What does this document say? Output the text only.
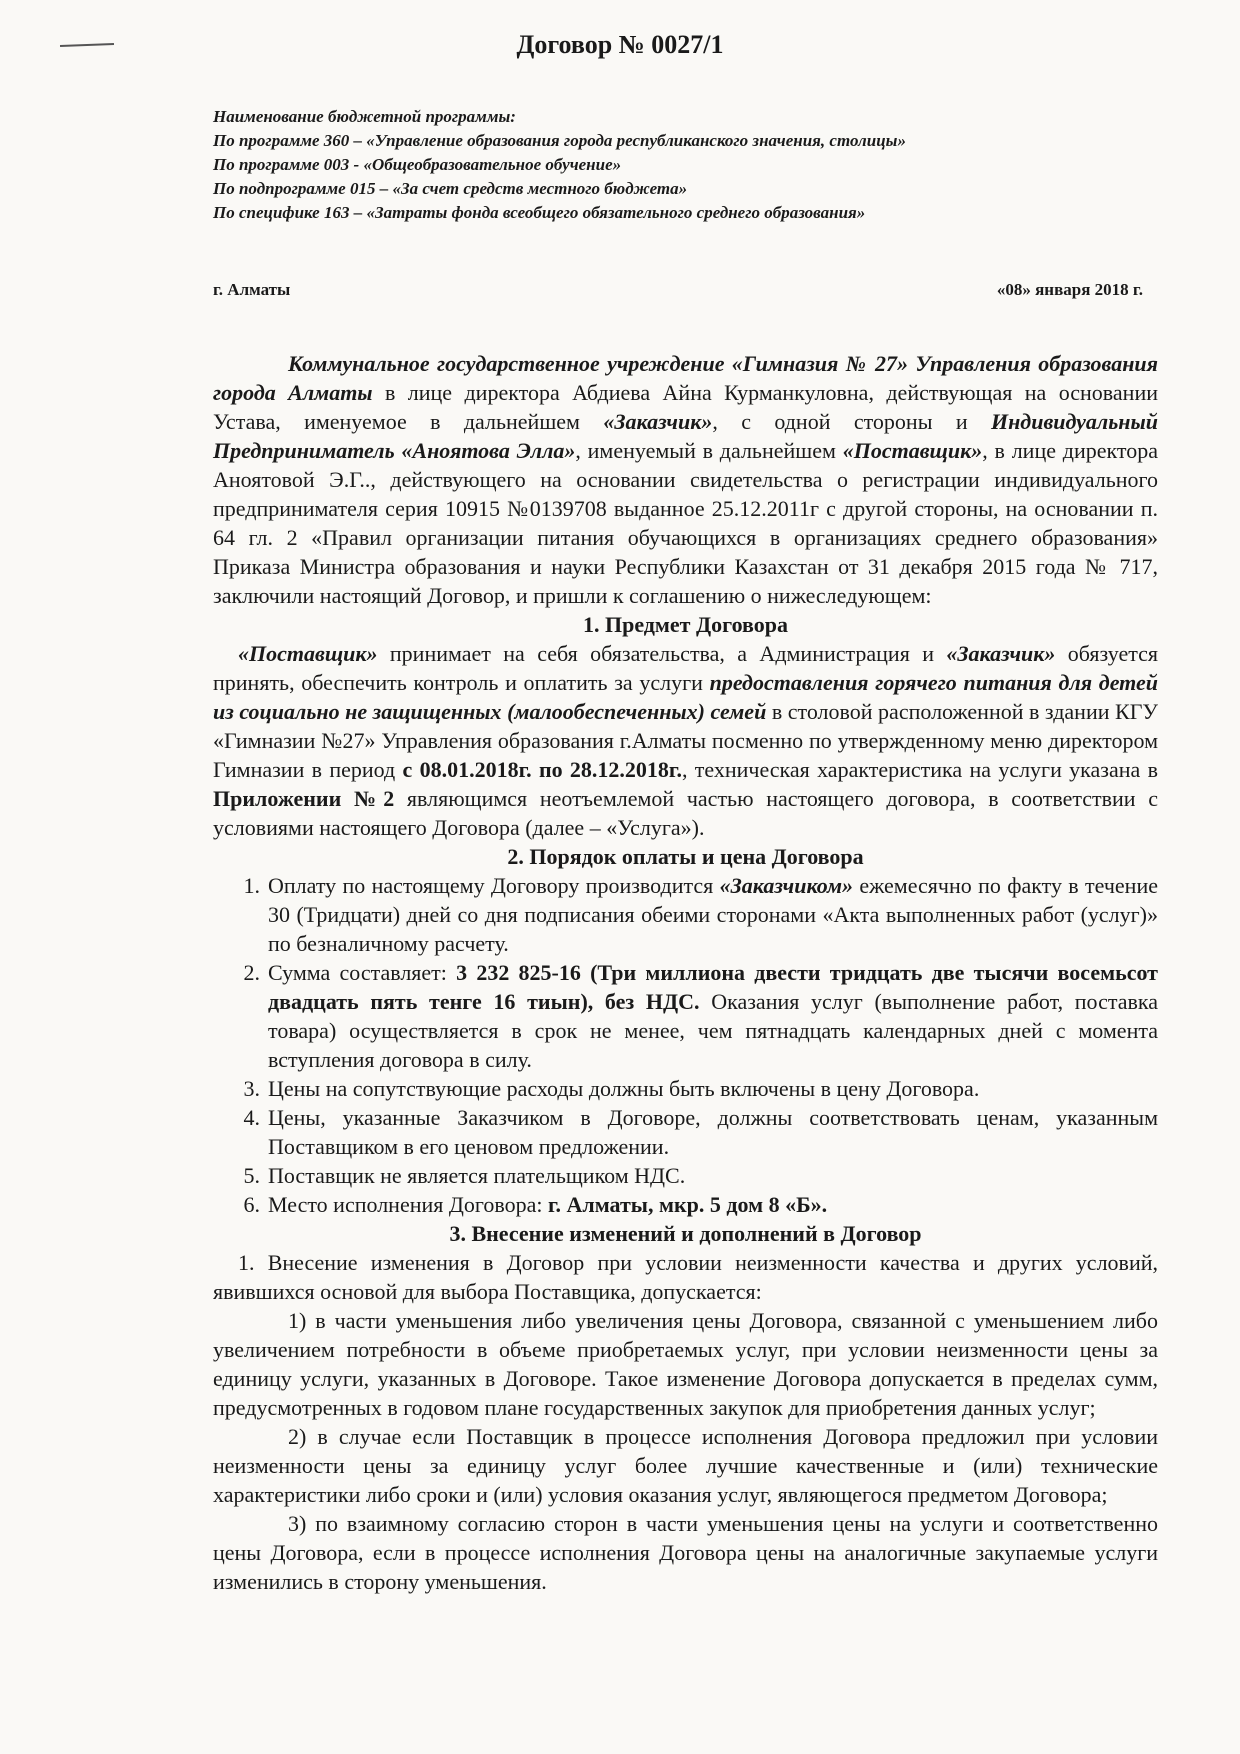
Договор № 0027/1
Наименование бюджетной программы:
По программе 360 – «Управление образования города республиканского значения, столицы»
По программе 003 - «Общеобразовательное обучение»
По подпрограмме 015 – «За счет средств местного бюджета»
По специфике 163 – «Затраты фонда всеобщего обязательного среднего образования»
г. Алматы	«08» января 2018 г.

Коммунальное государственное учреждение «Гимназия № 27» Управления образования города Алматы в лице директора Абдиева Айна Курманкуловна, действующая на основании Устава, именуемое в дальнейшем «Заказчик», с одной стороны и Индивидуальный Предприниматель «Аноятова Элла», именуемый в дальнейшем «Поставщик», в лице директора Аноятовой Э.Г.., действующего на основании свидетельства о регистрации индивидуального предпринимателя серия 10915 №0139708 выданное 25.12.2011г с другой стороны, на основании п. 64 гл. 2 «Правил организации питания обучающихся в организациях среднего образования» Приказа Министра образования и науки Республики Казахстан от 31 декабря 2015 года № 717, заключили настоящий Договор, и пришли к соглашению о нижеследующем:

1. Предмет Договора

«Поставщик» принимает на себя обязательства, а Администрация и «Заказчик» обязуется принять, обеспечить контроль и оплатить за услуги предоставления горячего питания для детей из социально не защищенных (малообеспеченных) семей в столовой расположенной в здании КГУ «Гимназии №27» Управления образования г.Алматы посменно по утвержденному меню директором Гимназии в период с 08.01.2018г. по 28.12.2018г., техническая характеристика на услуги указана в Приложении №2 являющимся неотъемлемой частью настоящего договора, в соответствии с условиями настоящего Договора (далее – «Услуга»).

2. Порядок оплаты и цена Договора

1. Оплату по настоящему Договору производится «Заказчиком» ежемесячно по факту в течение 30 (Тридцати) дней со дня подписания обеими сторонами «Акта выполненных работ (услуг)» по безналичному расчету.
2. Сумма составляет: 3 232 825-16 (Три миллиона двести тридцать две тысячи восемьсот двадцать пять тенге 16 тиын), без НДС. Оказания услуг (выполнение работ, поставка товара) осуществляется в срок не менее, чем пятнадцать календарных дней с момента вступления договора в силу.
3. Цены на сопутствующие расходы должны быть включены в цену Договора.
4. Цены, указанные Заказчиком в Договоре, должны соответствовать ценам, указанным Поставщиком в его ценовом предложении.
5. Поставщик не является плательщиком НДС.
6. Место исполнения Договора: г. Алматы, мкр. 5 дом 8 «Б».

3. Внесение изменений и дополнений в Договор

1. Внесение изменения в Договор при условии неизменности качества и других условий, явившихся основой для выбора Поставщика, допускается:

1) в части уменьшения либо увеличения цены Договора, связанной с уменьшением либо увеличением потребности в объеме приобретаемых услуг, при условии неизменности цены за единицу услуги, указанных в Договоре. Такое изменение Договора допускается в пределах сумм, предусмотренных в годовом плане государственных закупок для приобретения данных услуг;

2) в случае если Поставщик в процессе исполнения Договора предложил при условии неизменности цены за единицу услуг более лучшие качественные и (или) технические характеристики либо сроки и (или) условия оказания услуг, являющегося предметом Договора;

3) по взаимному согласию сторон в части уменьшения цены на услуги и соответственно цены Договора, если в процессе исполнения Договора цены на аналогичные закупаемые услуги изменились в сторону уменьшения.
